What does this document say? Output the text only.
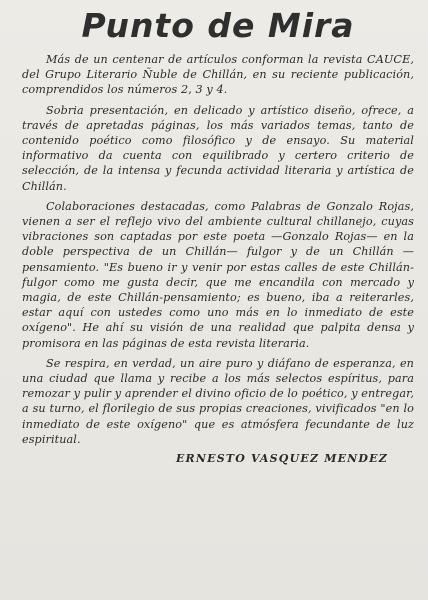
Punto de Mira

Más de un centenar de artículos conforman la revista CAUCE, del Grupo Literario Ñuble de Chillán, en su reciente publicación, comprendidos los números 2, 3 y 4.

Sobria presentación, en delicado y artístico diseño, ofrece, a través de apretadas páginas, los más variados temas, tanto de contenido poético como filosófico y de ensayo. Su material informativo da cuenta con equilibrado y certero criterio de selección, de la intensa y fecunda actividad literaria y artística de Chillán.

Colaboraciones destacadas, como Palabras de Gonzalo Rojas, vienen a ser el reflejo vivo del ambiente cultural chillanejo, cuyas vibraciones son captadas por este poeta —Gonzalo Rojas— en la doble perspectiva de un Chillán— fulgor y de un Chillán —pensamiento. "Es bueno ir y venir por estas calles de este Chillán-fulgor como me gusta decir, que me encandila con mercado y magia, de este Chillán-pensamiento; es bueno, iba a reiterarles, estar aquí con ustedes como uno más en lo inmediato de este oxígeno". He ahí su visión de una realidad que palpita densa y promisora en las páginas de esta revista literaria.

Se respira, en verdad, un aire puro y diáfano de esperanza, en una ciudad que llama y recibe a los más selectos espíritus, para remozar y pulir y aprender el divino oficio de lo poético, y entregar, a su turno, el florilegio de sus propias creaciones, vivificados "en lo inmediato de este oxígeno" que es atmósfera fecundante de luz espiritual.

ERNESTO VASQUEZ MENDEZ
